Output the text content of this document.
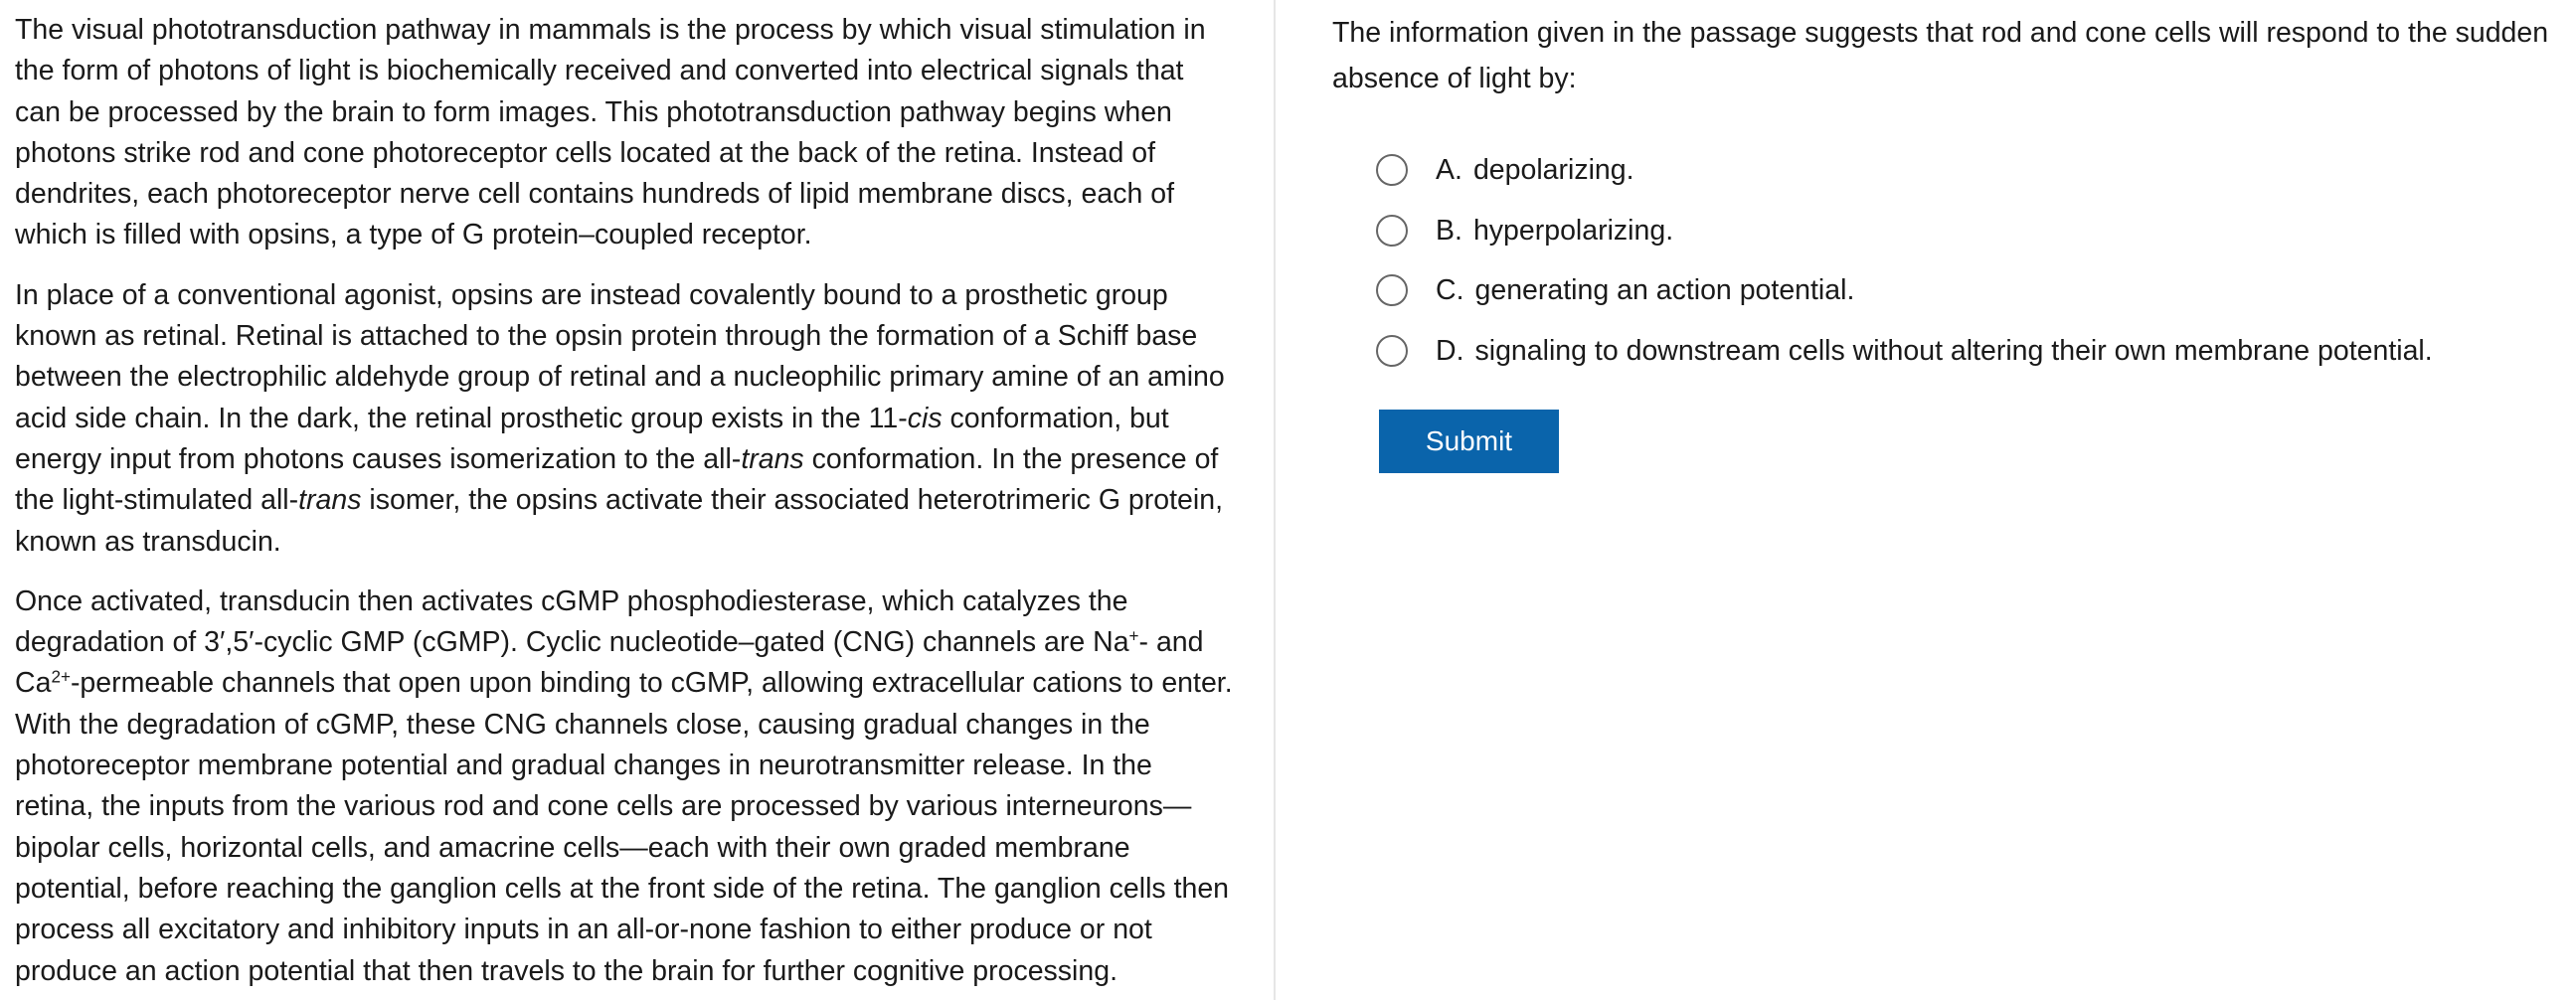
The visual phototransduction pathway in mammals is the process by which visual stimulation in the form of photons of light is biochemically received and converted into electrical signals that can be processed by the brain to form images. This phototransduction pathway begins when photons strike rod and cone photoreceptor cells located at the back of the retina. Instead of dendrites, each photoreceptor nerve cell contains hundreds of lipid membrane discs, each of which is filled with opsins, a type of G protein–coupled receptor.

In place of a conventional agonist, opsins are instead covalently bound to a prosthetic group known as retinal. Retinal is attached to the opsin protein through the formation of a Schiff base between the electrophilic aldehyde group of retinal and a nucleophilic primary amine of an amino acid side chain. In the dark, the retinal prosthetic group exists in the 11-cis conformation, but energy input from photons causes isomerization to the all-trans conformation. In the presence of the light-stimulated all-trans isomer, the opsins activate their associated heterotrimeric G protein, known as transducin.

Once activated, transducin then activates cGMP phosphodiesterase, which catalyzes the degradation of 3′,5′-cyclic GMP (cGMP). Cyclic nucleotide–gated (CNG) channels are Na+- and $Ca^{2+}$-permeable channels that open upon binding to cGMP, allowing extracellular cations to enter. With the degradation of cGMP, these CNG channels close, causing gradual changes in the photoreceptor membrane potential and gradual changes in neurotransmitter release. In the retina, the inputs from the various rod and cone cells are processed by various interneurons—bipolar cells, horizontal cells, and amacrine cells—each with their own graded membrane potential, before reaching the ganglion cells at the front side of the retina. The ganglion cells then process all excitatory and inhibitory inputs in an all-or-none fashion to either produce or not produce an action potential that then travels to the brain for further cognitive processing.

The information given in the passage suggests that rod and cone cells will respond to the sudden absence of light by:

A. depolarizing.
B. hyperpolarizing.
C. generating an action potential.
D. signaling to downstream cells without altering their own membrane potential.
Submit
